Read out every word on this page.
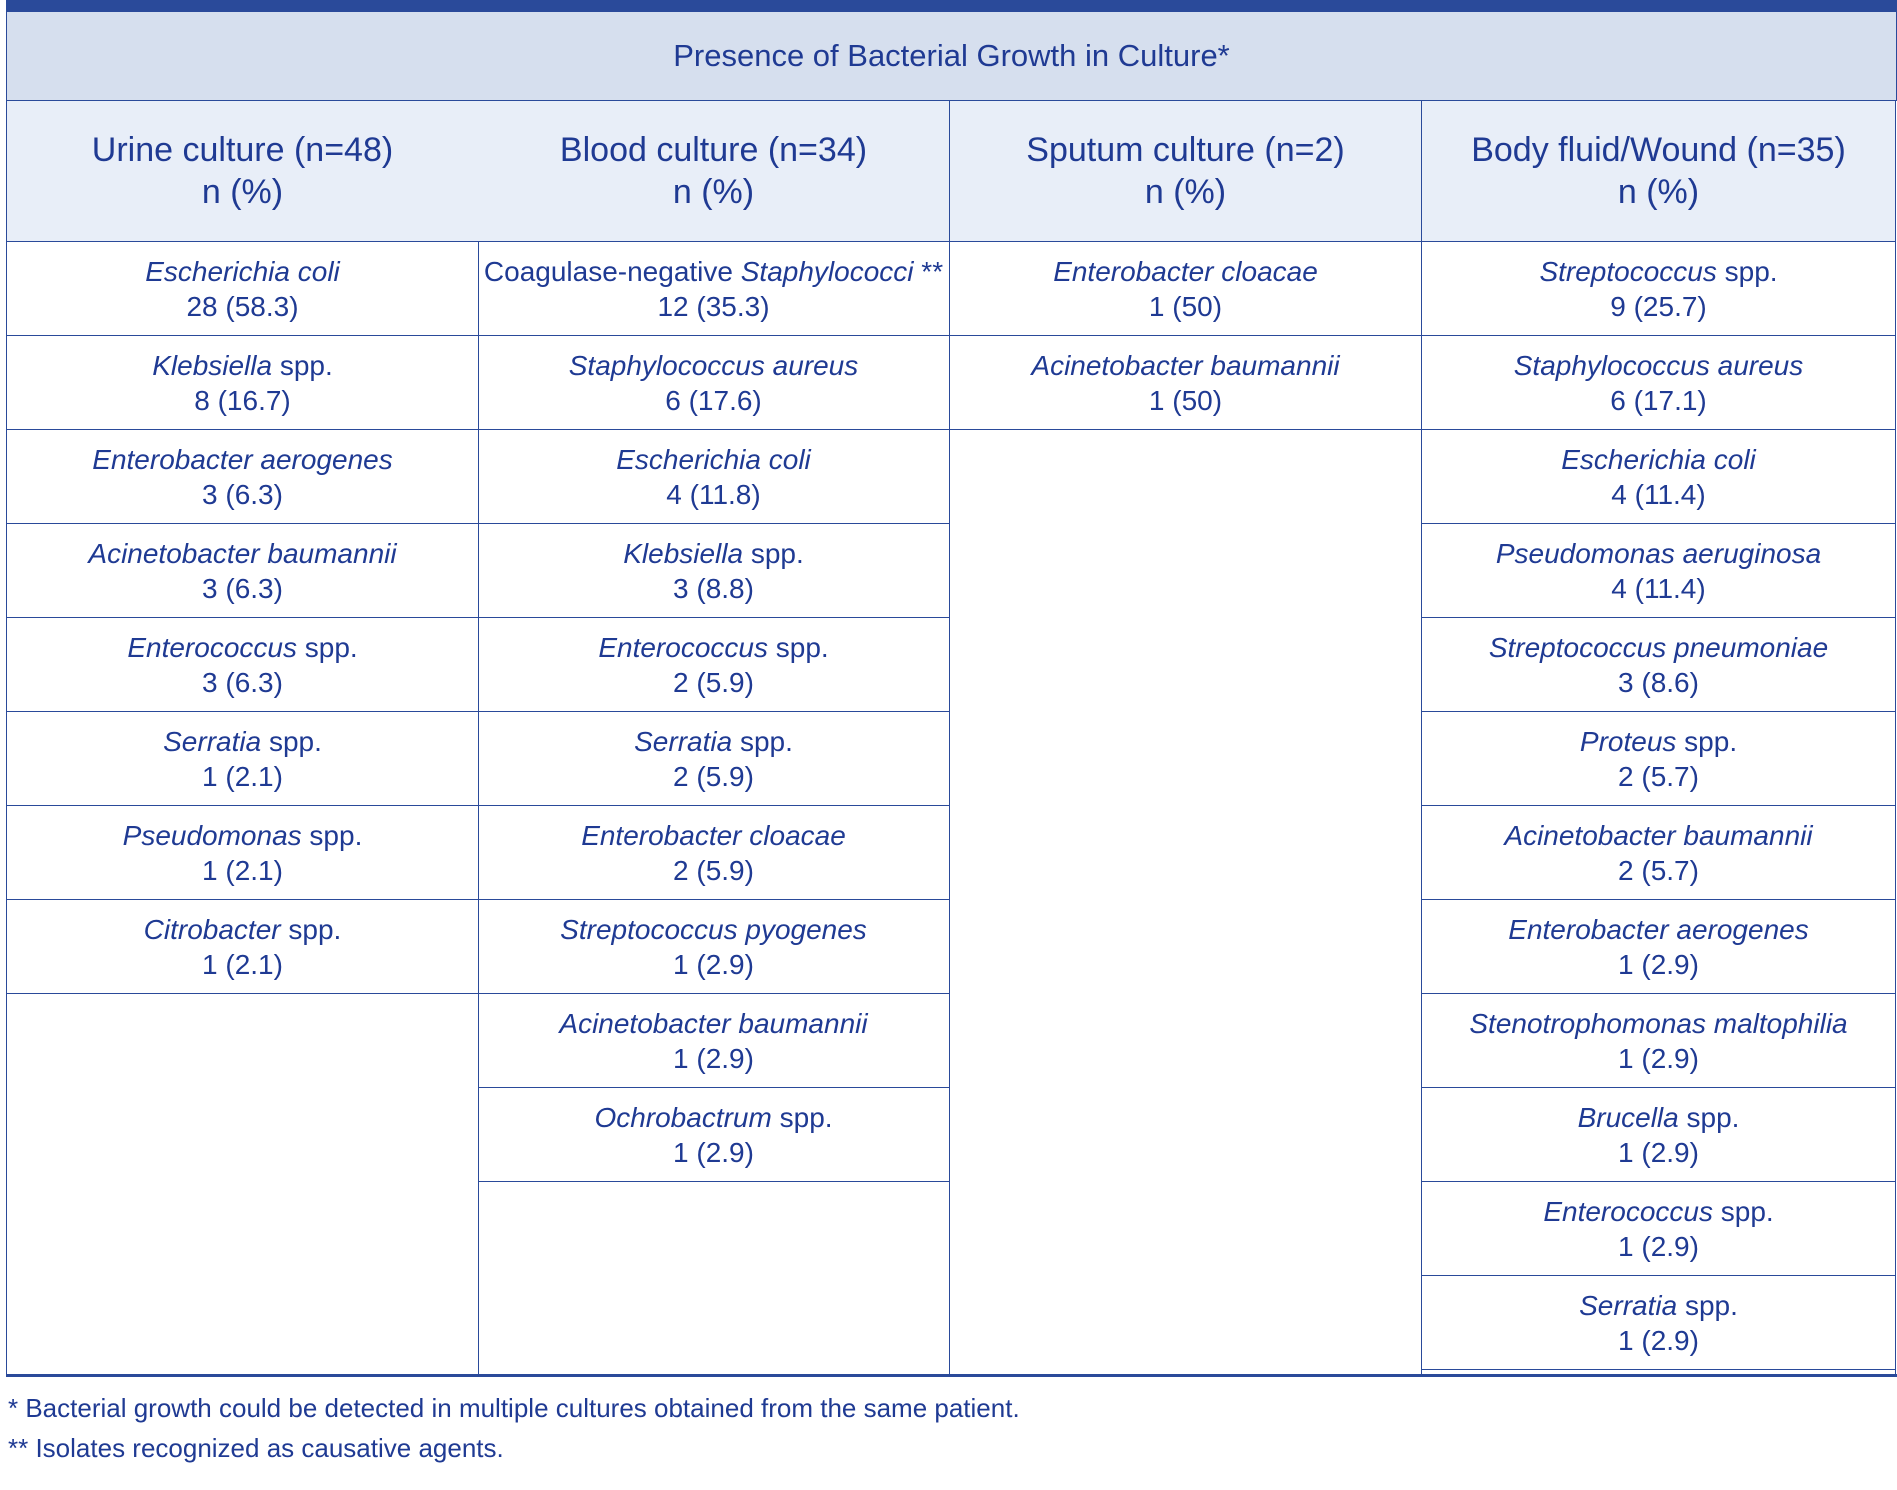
Presence of Bacterial Growth in Culture*
Urine culture (n=48)
n (%)
Blood culture (n=34)
n (%)
Sputum culture (n=2)
n (%)
Body fluid/Wound (n=35)
n (%)
Escherichia coli
28 (58.3)
Klebsiella spp.
8 (16.7)
Enterobacter aerogenes
3 (6.3)
Acinetobacter baumannii
3 (6.3)
Enterococcus spp.
3 (6.3)
Serratia spp.
1 (2.1)
Pseudomonas spp.
1 (2.1)
Citrobacter spp.
1 (2.1)
Coagulase-negative Staphylococci **
12 (35.3)
Staphylococcus aureus
6 (17.6)
Escherichia coli
4 (11.8)
Klebsiella spp.
3 (8.8)
Enterococcus spp.
2 (5.9)
Serratia spp.
2 (5.9)
Enterobacter cloacae
2 (5.9)
Streptococcus pyogenes
1 (2.9)
Acinetobacter baumannii
1 (2.9)
Ochrobactrum spp.
1 (2.9)
Enterobacter cloacae
1 (50)
Acinetobacter baumannii
1 (50)
Streptococcus spp.
9 (25.7)
Staphylococcus aureus
6 (17.1)
Escherichia coli
4 (11.4)
Pseudomonas aeruginosa
4 (11.4)
Streptococcus pneumoniae
3 (8.6)
Proteus spp.
2 (5.7)
Acinetobacter baumannii
2 (5.7)
Enterobacter aerogenes
1 (2.9)
Stenotrophomonas maltophilia
1 (2.9)
Brucella spp.
1 (2.9)
Enterococcus spp.
1 (2.9)
Serratia spp.
1 (2.9)
* Bacterial growth could be detected in multiple cultures obtained from the same patient.
** Isolates recognized as causative agents.
